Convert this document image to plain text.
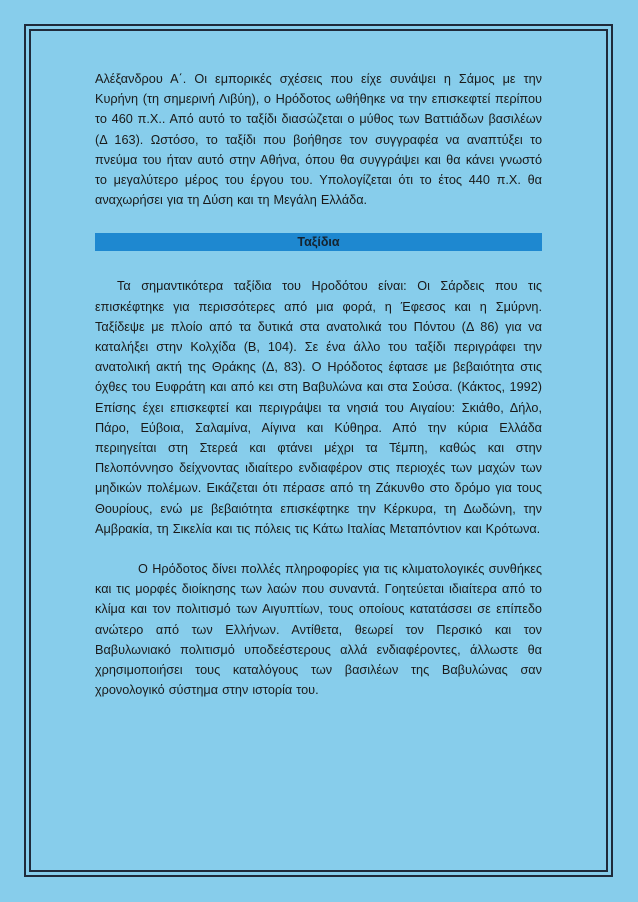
Αλέξανδρου Α΄. Οι εμπορικές σχέσεις που είχε συνάψει η Σάμος με την Κυρήνη (τη σημερινή Λιβύη), ο Ηρόδοτος ωθήθηκε να την επισκεφτεί περίπου το 460 π.Χ.. Από αυτό το ταξίδι διασώζεται ο μύθος των Βαττιάδων βασιλέων (Δ 163). Ωστόσο, το ταξίδι που βοήθησε τον συγγραφέα να αναπτύξει το πνεύμα του ήταν αυτό στην Αθήνα, όπου θα συγγράψει και θα κάνει γνωστό το μεγαλύτερο μέρος του έργου του. Υπολογίζεται ότι το έτος 440 π.Χ. θα αναχωρήσει για τη Δύση και τη Μεγάλη Ελλάδα.

Ταξίδια

Τα σημαντικότερα ταξίδια του Ηροδότου είναι: Οι Σάρδεις που τις επισκέφτηκε για περισσότερες από μια φορά, η Έφεσος και η Σμύρνη. Ταξίδεψε με πλοίο από τα δυτικά στα ανατολικά του Πόντου (Δ 86) για να καταλήξει στην Κολχίδα (Β, 104). Σε ένα άλλο του ταξίδι περιγράφει την ανατολική ακτή της Θράκης (Δ, 83). Ο Ηρόδοτος έφτασε με βεβαιότητα στις όχθες του Ευφράτη και από κει στη Βαβυλώνα και στα Σούσα. (Κάκτος, 1992) Επίσης έχει επισκεφτεί και περιγράψει τα νησιά του Αιγαίου: Σκιάθο, Δήλο, Πάρο, Εύβοια, Σαλαμίνα, Αίγινα και Κύθηρα. Από την κύρια Ελλάδα περιηγείται στη Στερεά και φτάνει μέχρι τα Τέμπη, καθώς και στην Πελοπόννησο δείχνοντας ιδιαίτερο ενδιαφέρον στις περιοχές των μαχών των μηδικών πολέμων. Εικάζεται ότι πέρασε από τη Ζάκυνθο στο δρόμο για τους Θουρίους, ενώ με βεβαιότητα επισκέφτηκε την Κέρκυρα, τη Δωδώνη, την Αμβρακία, τη Σικελία και τις πόλεις τις Κάτω Ιταλίας Μεταπόντιον και Κρότωνα.

Ο Ηρόδοτος δίνει πολλές πληροφορίες για τις κλιματολογικές συνθήκες και τις μορφές διοίκησης των λαών που συναντά. Γοητεύεται ιδιαίτερα από το κλίμα και τον πολιτισμό των Αιγυπτίων, τους οποίους κατατάσσει σε επίπεδο ανώτερο από των Ελλήνων. Αντίθετα, θεωρεί τον Περσικό και τον Βαβυλωνιακό πολιτισμό υποδεέστερους αλλά ενδιαφέροντες, άλλωστε θα χρησιμοποιήσει τους καταλόγους των βασιλέων της Βαβυλώνας σαν χρονολογικό σύστημα στην ιστορία του.
